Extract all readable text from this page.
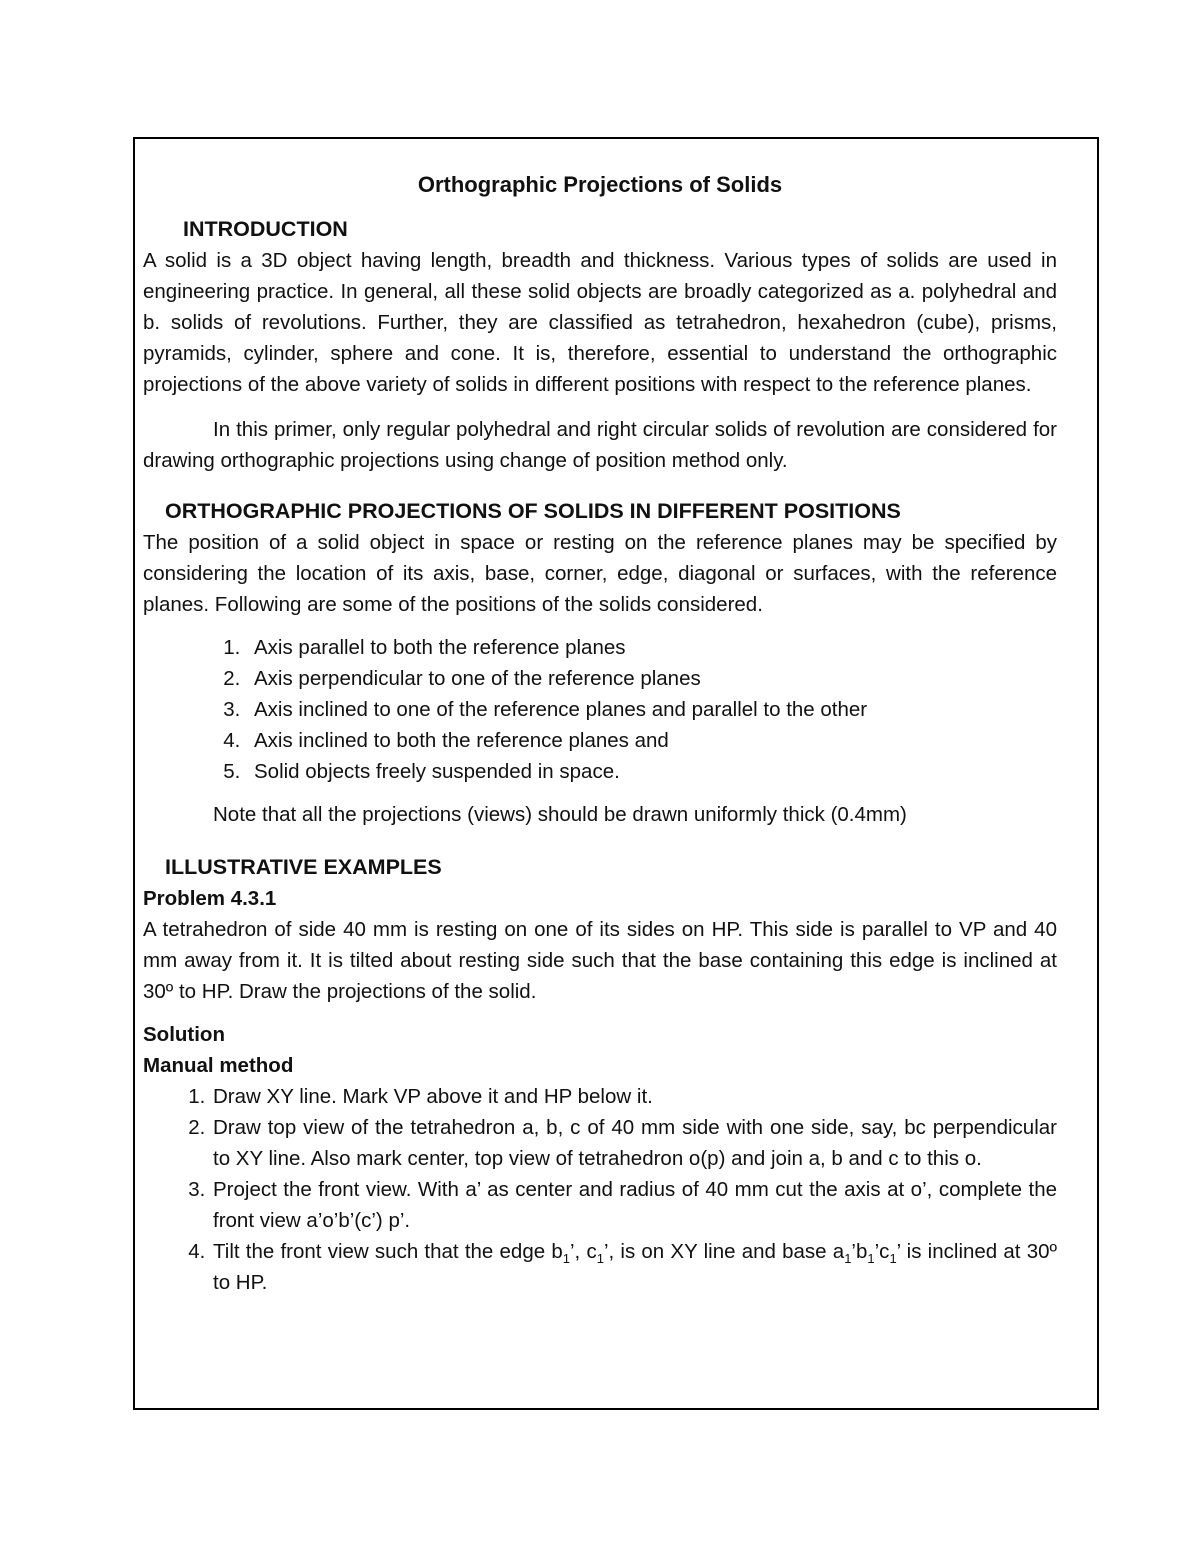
Orthographic Projections of Solids
INTRODUCTION

A solid is a 3D object having length, breadth and thickness. Various types of solids are used in engineering practice. In general, all these solid objects are broadly categorized as a. polyhedral and b. solids of revolutions. Further, they are classified as tetrahedron, hexahedron (cube), prisms, pyramids, cylinder, sphere and cone. It is, therefore, essential to understand the orthographic projections of the above variety of solids in different positions with respect to the reference planes.

In this primer, only regular polyhedral and right circular solids of revolution are considered for drawing orthographic projections using change of position method only.

ORTHOGRAPHIC PROJECTIONS OF SOLIDS IN DIFFERENT POSITIONS

The position of a solid object in space or resting on the reference planes may be specified by considering the location of its axis, base, corner, edge, diagonal or surfaces, with the reference planes. Following are some of the positions of the solids considered.

1. Axis parallel to both the reference planes
2. Axis perpendicular to one of the reference planes
3. Axis inclined to one of the reference planes and parallel to the other
4. Axis inclined to both the reference planes and
5. Solid objects freely suspended in space.
Note that all the projections (views) should be drawn uniformly thick (0.4mm)
ILLUSTRATIVE EXAMPLES
Problem 4.3.1

A tetrahedron of side 40 mm is resting on one of its sides on HP. This side is parallel to VP and 40 mm away from it. It is tilted about resting side such that the base containing this edge is inclined at 30º to HP. Draw the projections of the solid.

Solution
Manual method
1. Draw XY line. Mark VP above it and HP below it.
2. Draw top view of the tetrahedron a, b, c of 40 mm side with one side, say, bc perpendicular to XY line. Also mark center, top view of tetrahedron o(p) and join a, b and c to this o.
3. Project the front view. With a’ as center and radius of 40 mm cut the axis at o’, complete the front view a’o’b’(c’) p’.
4. Tilt the front view such that the edge $b_1$’, $c_1$’, is on XY line and base $a_1’b_1’c_1$’ is inclined at 30º to HP.
